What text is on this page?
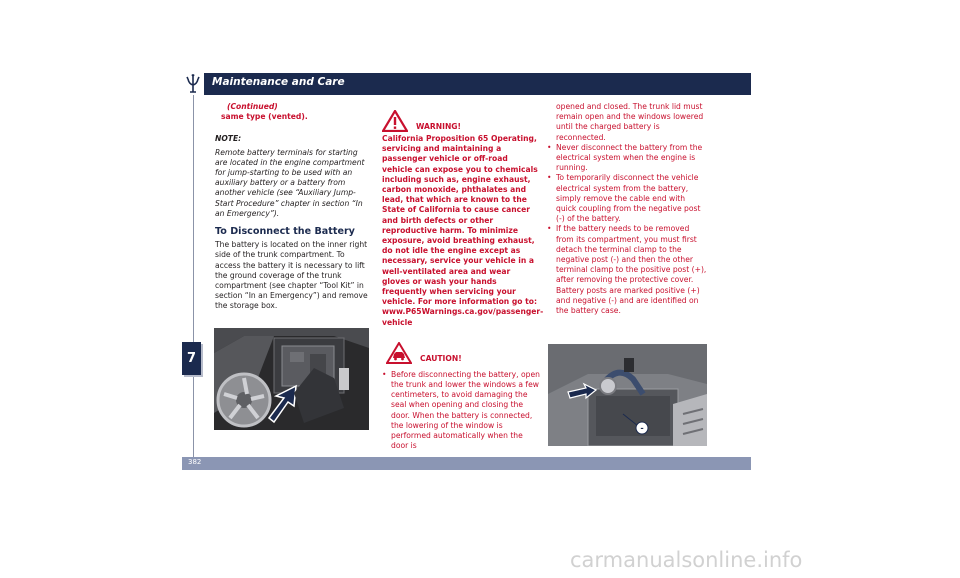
Maintenance and Care
7
382

(Continued)

same type (vented).

NOTE:

Remote battery terminals for starting are located in the engine compartment for jump-starting to be used with an auxiliary battery or a battery from another vehicle (see “Auxiliary Jump-Start Procedure” chapter in section “In an Emergency”).

To Disconnect the Battery

The battery is located on the inner right side of the trunk compartment. To access the battery it is necessary to lift the ground coverage of the trunk compartment (see chapter “Tool Kit” in section “In an Emergency”) and remove the storage box.

WARNING!

California Proposition 65 Operating, servicing and maintaining a passenger vehicle or off-road vehicle can expose you to chemicals including such as, engine exhaust, carbon monoxide, phthalates and lead, that which are known to the State of California to cause cancer and birth defects or other reproductive harm. To minimize exposure, avoid breathing exhaust, do not idle the engine except as necessary, service your vehicle in a well-ventilated area and wear gloves or wash your hands frequently when servicing your vehicle. For more information go to: www.P65Warnings.ca.gov/passenger-vehicle

CAUTION!
• Before disconnecting the battery, open the trunk and lower the windows a few centimeters, to avoid damaging the seal when opening and closing the door. When the battery is connected, the lowering of the window is performed automatically when the door is

opened and closed. The trunk lid must remain open and the windows lowered until the charged battery is reconnected.

• Never disconnect the battery from the electrical system when the engine is running.
• To temporarily disconnect the vehicle electrical system from the battery, simply remove the cable end with quick coupling from the negative post (-) of the battery.
• If the battery needs to be removed from its compartment, you must first detach the terminal clamp to the negative post (-) and then the other terminal clamp to the positive post (+), after removing the protective cover. Battery posts are marked positive (+) and negative (-) and are identified on the battery case.
-
carmanualsonline.info
